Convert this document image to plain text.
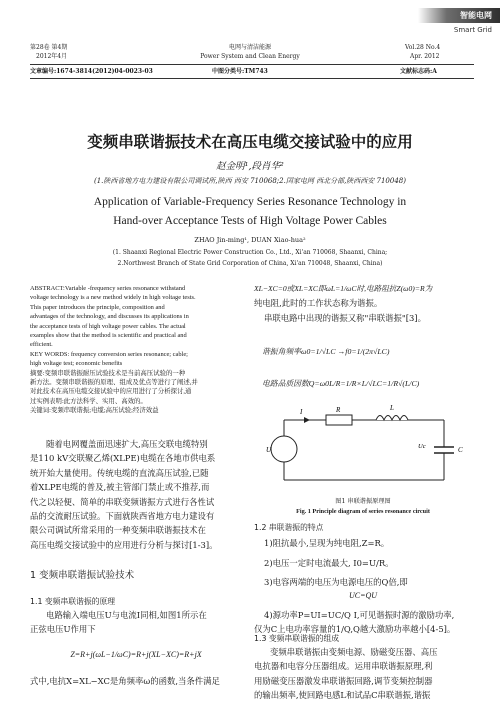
智能电网
Smart Grid
第28卷 第4期
2012年4月
电网与清洁能源
Power System and Clean Energy
Vol.28 No.4
Apr. 2012
文章编号:1674-3814(2012)04-0023-03	中图分类号:TM743	文献标志码:A
变频串联谐振技术在高压电缆交接试验中的应用
赵金明¹,段肖华²
(1.陕西省地方电力建设有限公司调试所,陕西 西安 710068;2.国家电网 西北分部,陕西西安 710048)
Application of Variable-Frequency Series Resonance Technology in
Hand-over Acceptance Tests of High Voltage Power Cables
ZHAO Jin-ming¹, DUAN Xiao-hua²
(1. Shaanxi Regional Electric Power Construction Co., Ltd., Xi'an 710068, Shaanxi, China;
2.Northwest Branch of State Grid Corporation of China, Xi'an 710048, Shaanxi, China)
ABSTRACT:Variable -frequency series resonance withstand
voltage technology is a new method widely in high voltage tests.
This paper introduces the principle, composition and
advantages of the technology, and discusses its applications in
the acceptance tests of high voltage power cables. The actual
examples show that the method is scientific and practical and
efficient.
KEY WORDS: frequency conversion series resonance; cable;
high voltage test; economic benefits
摘要:变频串联谐振耐压试验技术是当前高压试验的一种
新方法。变频串联谐振的原理、组成及优点等进行了阐述,并
对此技术在高压电缆交接试验中的应用进行了分析探讨,通
过实例表明:此方法科学、实用、高效的。
关键词:变频串联谐振;电缆;高压试验;经济效益
随着电网覆盖面迅速扩大,高压交联电缆特别
是110 kV交联聚乙烯(XLPE)电缆在各地市供电系
统开始大量使用。传统电缆的直流高压试验,已随
着XLPE电缆的普及,被主管部门禁止或不推荐,而
代之以轻便、简单的串联变频谐振方式进行各性试
品的交流耐压试验。下面就陕西省地方电力建设有
限公司调试所常采用的一种变频串联谐振技术在
高压电缆交接试验中的应用进行分析与探讨[1-3]。
1 变频串联谐振试验技术
1.1 变频串联谐振的原理
电路输入端电压U与电流I同相,如图1所示在
正弦电压U作用下
Z=R+j(ωL−1/ωC)=R+j(XL−XC)=R+jX
式中,电抗X=XL−XC是角频率ω的函数,当条件满足
XL−XC=0或XL=XC即ωL=1/ωC时,电路阻抗Z(ω0)=R为
纯电阻,此时的工作状态称为谐振。
串联电路中出现的谐振又称"串联谐振"[3]。
谐振角频率ω0=1/√LC →f0=1/(2π√LC)
电路品质因数Q=ω0L/R=1/R×L/√LC=1/R√(L/C)
I	R	L
U	Uc	C
图1 串联谐振原理图
Fig. 1 Principle diagram of series resonance circuit
1.2 串联谐振的特点
1)阻抗最小,呈现为纯电阻,Z=R。
2)电压一定时电流最大, I0=U/R。
3)电容两端的电压为电源电压的Q倍,即
UC=QU
4)源功率P=UI=UC/Q I,可见谐振时源的激励功率,
仅为C上电功率容量的1/Q,Q越大激励功率越小[4-5]。
1.3 变频串联谐振的组成
变频串联谐振由变频电源、励磁变压器、高压
电抗器和电容分压器组成。运用串联谐振原理,利
用励磁变压器激发串联谐振回路,调节变频控制器
的输出频率,使回路电感L和试品C串联谐振,谐振
